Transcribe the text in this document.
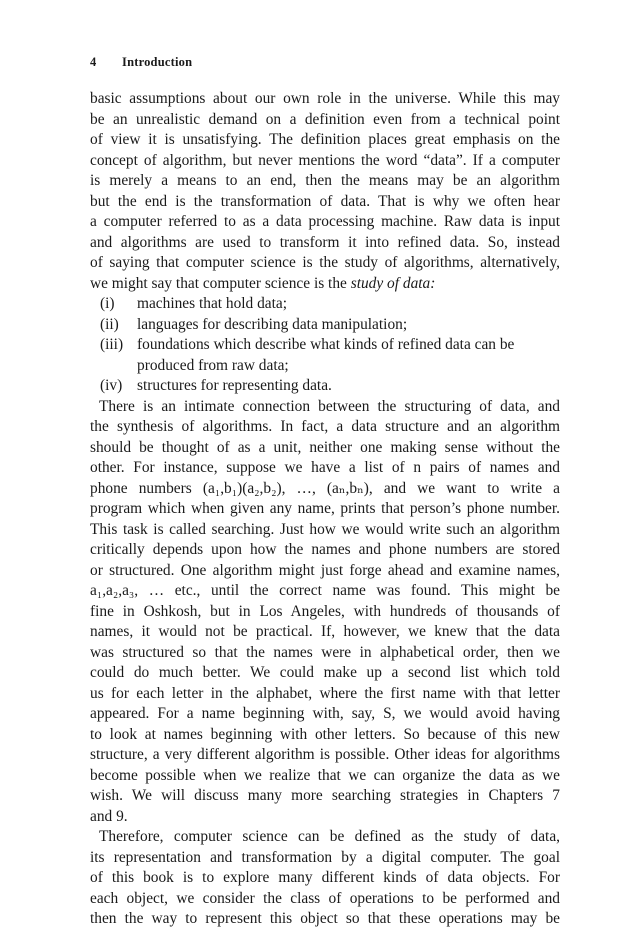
4 Introduction
basic assumptions about our own role in the universe. While this may
be an unrealistic demand on a definition even from a technical point
of view it is unsatisfying. The definition places great emphasis on the
concept of algorithm, but never mentions the word “data”. If a computer
is merely a means to an end, then the means may be an algorithm
but the end is the transformation of data. That is why we often hear
a computer referred to as a data processing machine. Raw data is input
and algorithms are used to transform it into refined data. So, instead
of saying that computer science is the study of algorithms, alternatively,
we might say that computer science is the study of data:
(i)	machines that hold data;
(ii)	languages for describing data manipulation;
(iii) foundations which describe what kinds of refined data can be
produced from raw data;
(iv) structures for representing data.
There is an intimate connection between the structuring of data, and
the synthesis of algorithms. In fact, a data structure and an algorithm
should be thought of as a unit, neither one making sense without the
other. For instance, suppose we have a list of n pairs of names and
phone numbers (a₁,b₁)(a₂,b₂), …, (aₙ,bₙ), and we want to write a
program which when given any name, prints that person’s phone number.
This task is called searching. Just how we would write such an algorithm
critically depends upon how the names and phone numbers are stored
or structured. One algorithm might just forge ahead and examine names,
a₁,a₂,a₃, … etc., until the correct name was found. This might be
fine in Oshkosh, but in Los Angeles, with hundreds of thousands of
names, it would not be practical. If, however, we knew that the data
was structured so that the names were in alphabetical order, then we
could do much better. We could make up a second list which told
us for each letter in the alphabet, where the first name with that letter
appeared. For a name beginning with, say, S, we would avoid having
to look at names beginning with other letters. So because of this new
structure, a very different algorithm is possible. Other ideas for algorithms
become possible when we realize that we can organize the data as we
wish. We will discuss many more searching strategies in Chapters 7
and 9.
Therefore, computer science can be defined as the study of data,
its representation and transformation by a digital computer. The goal
of this book is to explore many different kinds of data objects. For
each object, we consider the class of operations to be performed and
then the way to represent this object so that these operations may be
